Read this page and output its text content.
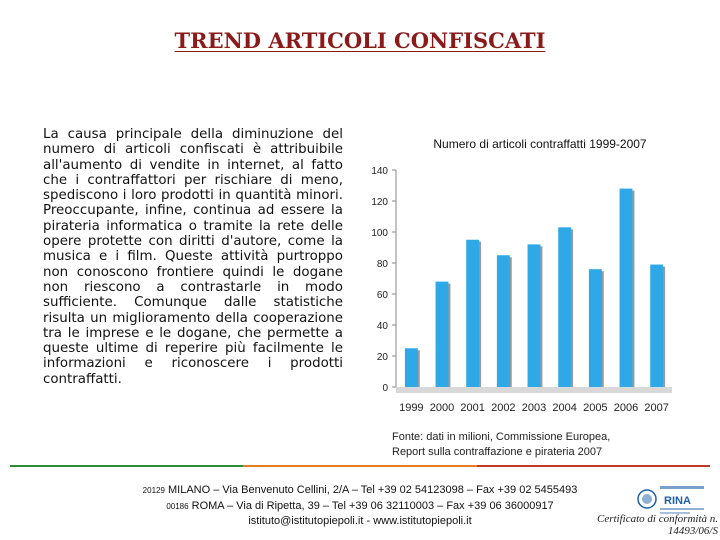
TREND ARTICOLI CONFISCATI
La causa principale della diminuzione del numero di articoli confiscati è attribuibile all'aumento di vendite in internet, al fatto che i contraffattori per rischiare di meno, spediscono i loro prodotti in quantità minori. Preoccupante, infine, continua ad essere la pirateria informatica o tramite la rete delle opere protette con diritti d'autore, come la musica e i film. Queste attività purtroppo non conoscono frontiere quindi le dogane non riescono a contrastarle in modo sufficiente. Comunque dalle statistiche risulta un miglioramento della cooperazione tra le imprese e le dogane, che permette a queste ultime di reperire più facilmente le informazioni e riconoscere i prodotti contraffatti.
Numero di articoli contraffatti 1999-2007
0
20
40
60
80
100
120
140
1999 2000 2001 2002 2003 2004 2005 2006 2007
Fonte: dati in milioni, Commissione Europea,
Report sulla contraffazione e pirateria 2007
20129 MILANO – Via Benvenuto Cellini, 2/A – Tel +39 02 54123098 – Fax +39 02 5455493
00186 ROMA – Via di Ripetta, 39 – Tel +39 06 32110003 – Fax +39 06 36000917
istituto@istitutopiepoli.it - www.istitutopiepoli.it
RINA
Certificato di conformità n. 14493/06/S
